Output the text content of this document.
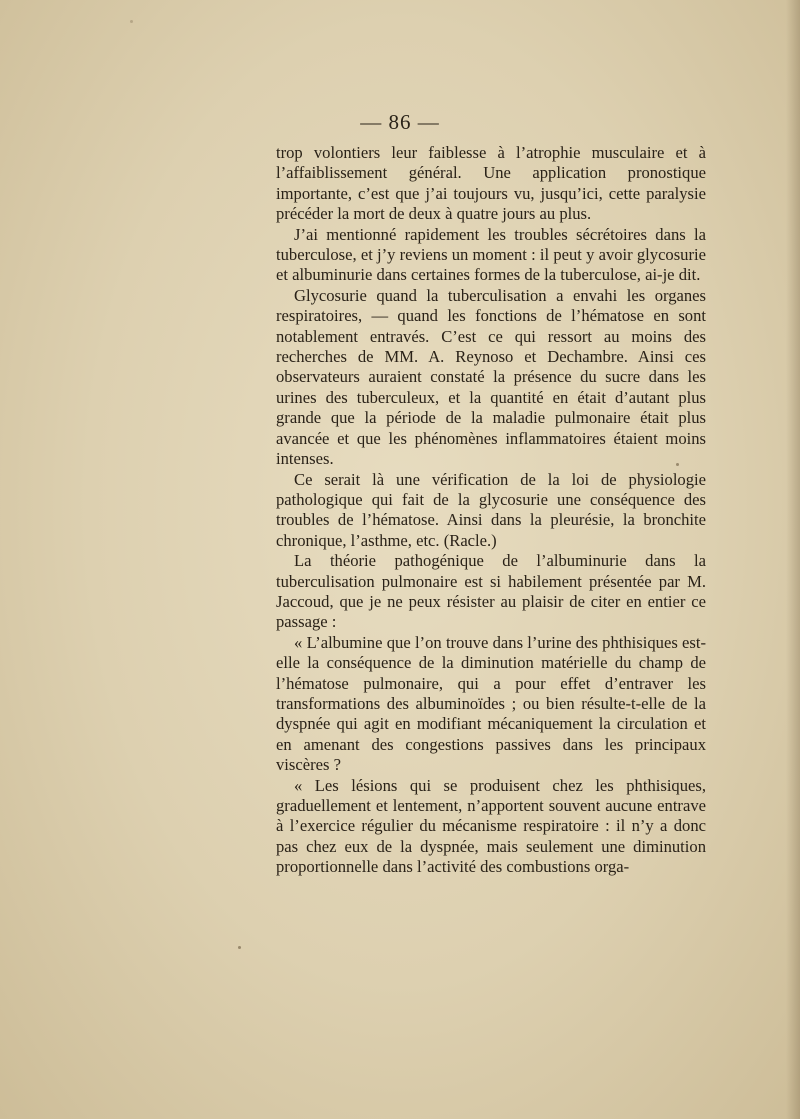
— 86 —

trop volontiers leur faiblesse à l’atrophie musculaire et à l’affaiblissement général. Une application pronostique importante, c’est que j’ai toujours vu, jusqu’ici, cette paralysie précéder la mort de deux à quatre jours au plus.

J’ai mentionné rapidement les troubles sécrétoires dans la tuberculose, et j’y reviens un moment : il peut y avoir glycosurie et albuminurie dans certaines formes de la tuberculose, ai-je dit.

Glycosurie quand la tuberculisation a envahi les organes respiratoires, — quand les fonctions de l’hématose en sont notablement entravés. C’est ce qui ressort au moins des recherches de MM. A. Reynoso et Dechambre. Ainsi ces observateurs auraient constaté la présence du sucre dans les urines des tuberculeux, et la quantité en était d’autant plus grande que la période de la maladie pulmonaire était plus avancée et que les phénomènes inflammatoires étaient moins intenses.

Ce serait là une vérification de la loi de physiologie pathologique qui fait de la glycosurie une conséquence des troubles de l’hématose. Ainsi dans la pleurésie, la bronchite chronique, l’asthme, etc. (Racle.)

La théorie pathogénique de l’albuminurie dans la tuberculisation pulmonaire est si habilement présentée par M. Jaccoud, que je ne peux résister au plaisir de citer en entier ce passage :

« L’albumine que l’on trouve dans l’urine des phthisiques est-elle la conséquence de la diminution matérielle du champ de l’hématose pulmonaire, qui a pour effet d’entraver les transformations des albuminoïdes ; ou bien résulte-t-elle de la dyspnée qui agit en modifiant mécaniquement la circulation et en amenant des congestions passives dans les principaux viscères ?

« Les lésions qui se produisent chez les phthisiques, graduellement et lentement, n’apportent souvent aucune entrave à l’exercice régulier du mécanisme respiratoire : il n’y a donc pas chez eux de la dyspnée, mais seulement une diminution proportionnelle dans l’activité des combustions orga-
